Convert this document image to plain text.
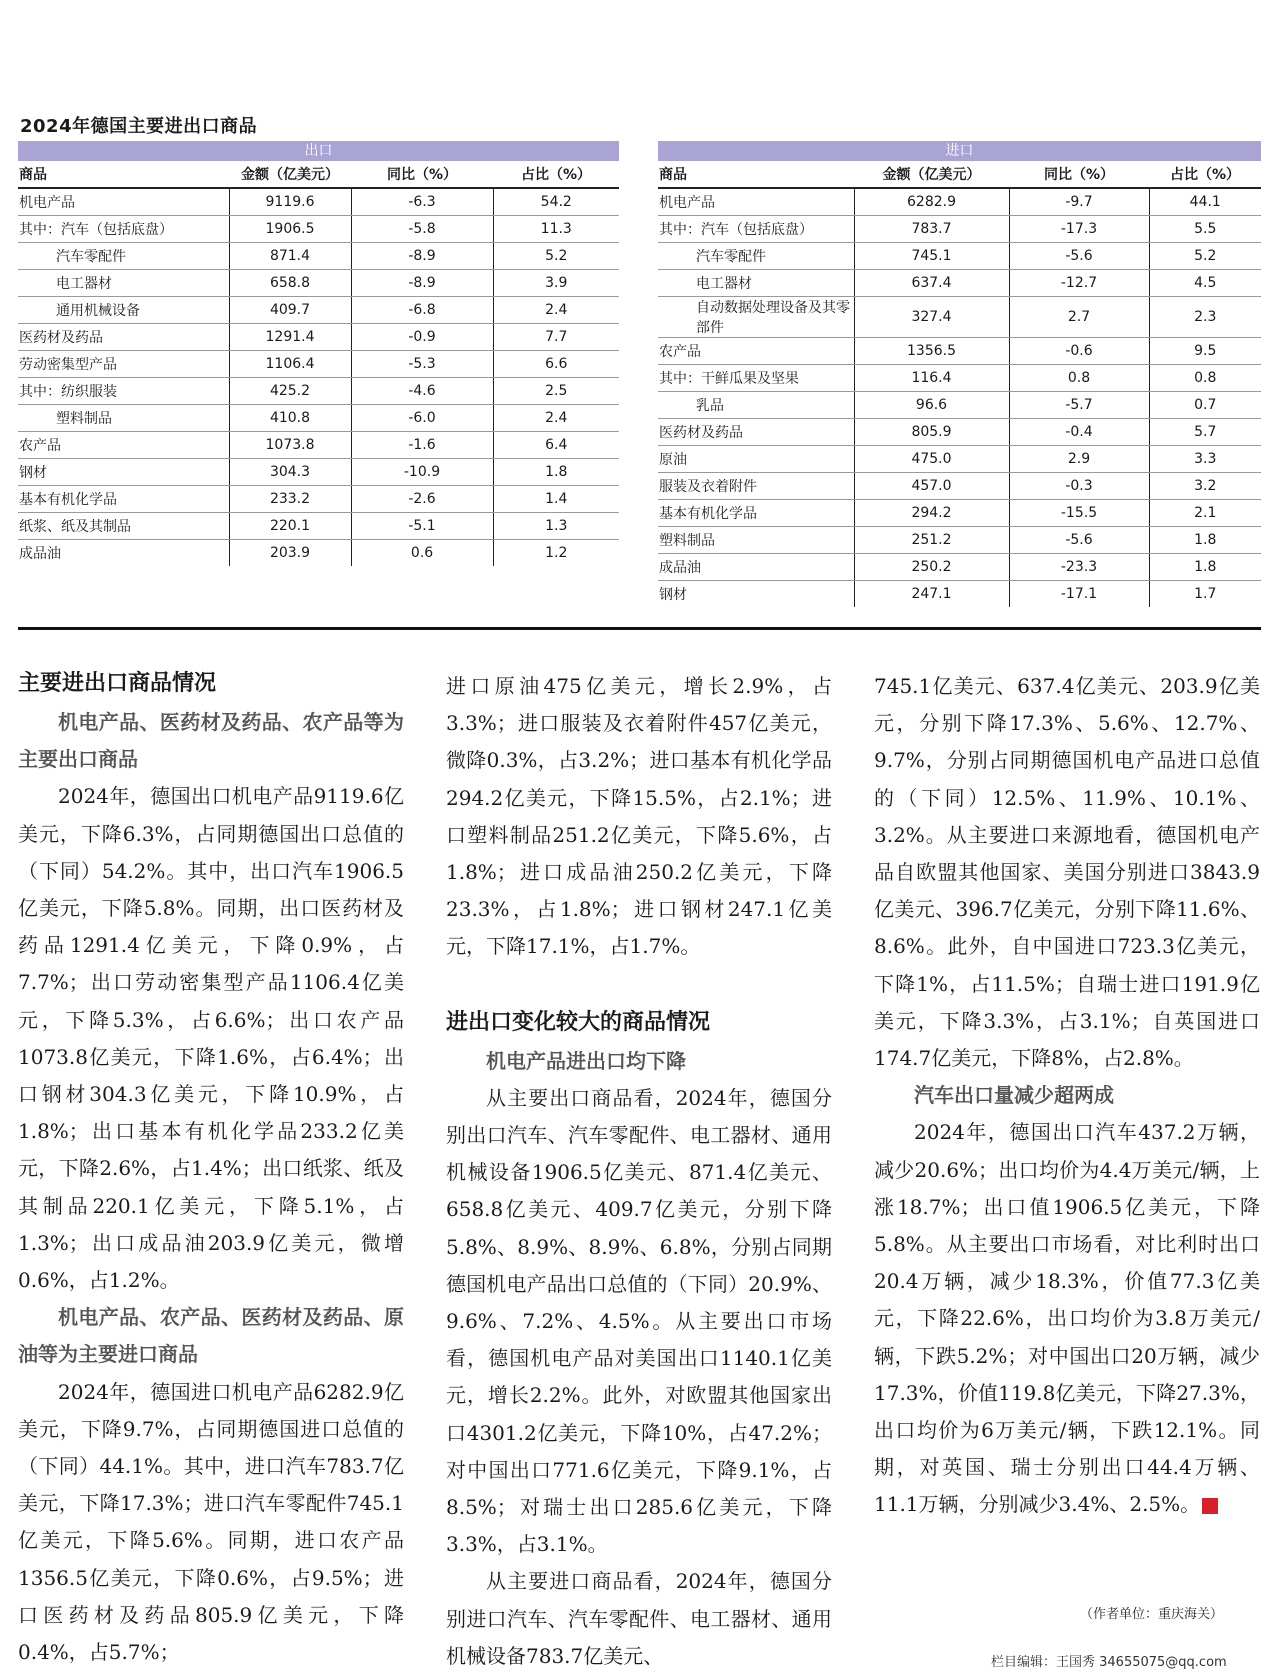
2024年德国主要进出口商品
出口
商品	金额（亿美元）	同比（%）	占比（%）
机电产品	9119.6	-6.3	54.2
其中：汽车（包括底盘）	1906.5	-5.8	11.3
汽车零配件	871.4	-8.9	5.2
电工器材	658.8	-8.9	3.9
通用机械设备	409.7	-6.8	2.4
医药材及药品	1291.4	-0.9	7.7
劳动密集型产品	1106.4	-5.3	6.6
其中：纺织服装	425.2	-4.6	2.5
塑料制品	410.8	-6.0	2.4
农产品	1073.8	-1.6	6.4
钢材	304.3	-10.9	1.8
基本有机化学品	233.2	-2.6	1.4
纸浆、纸及其制品	220.1	-5.1	1.3
成品油	203.9	0.6	1.2
进口
商品	金额（亿美元）	同比（%）	占比（%）
机电产品	6282.9	-9.7	44.1
其中：汽车（包括底盘）	783.7	-17.3	5.5
汽车零配件	745.1	-5.6	5.2
电工器材	637.4	-12.7	4.5
自动数据处理设备及其零部件	327.4	2.7	2.3
农产品	1356.5	-0.6	9.5
其中：干鲜瓜果及坚果	116.4	0.8	0.8
乳品	96.6	-5.7	0.7
医药材及药品	805.9	-0.4	5.7
原油	475.0	2.9	3.3
服装及衣着附件	457.0	-0.3	3.2
基本有机化学品	294.2	-15.5	2.1
塑料制品	251.2	-5.6	1.8
成品油	250.2	-23.3	1.8
钢材	247.1	-17.1	1.7
主要进出口商品情况
机电产品、医药材及药品、农产品等为主要出口商品

2024年，德国出口机电产品9119.6亿美元，下降6.3%，占同期德国出口总值的（下同）54.2%。其中，出口汽车1906.5亿美元，下降5.8%。同期，出口医药材及药品1291.4亿美元，下降0.9%，占7.7%；出口劳动密集型产品1106.4亿美元，下降5.3%，占6.6%；出口农产品1073.8亿美元，下降1.6%，占6.4%；出口钢材304.3亿美元，下降10.9%，占1.8%；出口基本有机化学品233.2亿美元，下降2.6%，占1.4%；出口纸浆、纸及其制品220.1亿美元，下降5.1%，占1.3%；出口成品油203.9亿美元，微增0.6%，占1.2%。

机电产品、农产品、医药材及药品、原油等为主要进口商品

2024年，德国进口机电产品6282.9亿美元，下降9.7%，占同期德国进口总值的（下同）44.1%。其中，进口汽车783.7亿美元，下降17.3%；进口汽车零配件745.1亿美元，下降5.6%。同期，进口农产品1356.5亿美元，下降0.6%，占9.5%；进口医药材及药品805.9亿美元，下降0.4%，占5.7%；

进口原油475亿美元，增长2.9%，占3.3%；进口服装及衣着附件457亿美元，微降0.3%，占3.2%；进口基本有机化学品294.2亿美元，下降15.5%，占2.1%；进口塑料制品251.2亿美元，下降5.6%，占1.8%；进口成品油250.2亿美元，下降23.3%，占1.8%；进口钢材247.1亿美元，下降17.1%，占1.7%。

进出口变化较大的商品情况
机电产品进出口均下降

从主要出口商品看，2024年，德国分别出口汽车、汽车零配件、电工器材、通用机械设备1906.5亿美元、871.4亿美元、658.8亿美元、409.7亿美元，分别下降5.8%、8.9%、8.9%、6.8%，分别占同期德国机电产品出口总值的（下同）20.9%、9.6%、7.2%、4.5%。从主要出口市场看，德国机电产品对美国出口1140.1亿美元，增长2.2%。此外，对欧盟其他国家出口4301.2亿美元，下降10%，占47.2%；对中国出口771.6亿美元，下降9.1%，占8.5%；对瑞士出口285.6亿美元，下降3.3%，占3.1%。

从主要进口商品看，2024年，德国分别进口汽车、汽车零配件、电工器材、通用机械设备783.7亿美元、

745.1亿美元、637.4亿美元、203.9亿美元，分别下降17.3%、5.6%、12.7%、9.7%，分别占同期德国机电产品进口总值的（下同）12.5%、11.9%、10.1%、3.2%。从主要进口来源地看，德国机电产品自欧盟其他国家、美国分别进口3843.9亿美元、396.7亿美元，分别下降11.6%、8.6%。此外，自中国进口723.3亿美元，下降1%，占11.5%；自瑞士进口191.9亿美元，下降3.3%，占3.1%；自英国进口174.7亿美元，下降8%，占2.8%。

汽车出口量减少超两成

2024年，德国出口汽车437.2万辆，减少20.6%；出口均价为4.4万美元/辆，上涨18.7%；出口值1906.5亿美元，下降5.8%。从主要出口市场看，对比利时出口20.4万辆，减少18.3%，价值77.3亿美元，下降22.6%，出口均价为3.8万美元/辆，下跌5.2%；对中国出口20万辆，减少17.3%，价值119.8亿美元，下降27.3%，出口均价为6万美元/辆，下跌12.1%。同期，对英国、瑞士分别出口44.4万辆、11.1万辆，分别减少3.4%、2.5%。	C

（作者单位：重庆海关）
栏目编辑：王国秀 34655075@qq.com
